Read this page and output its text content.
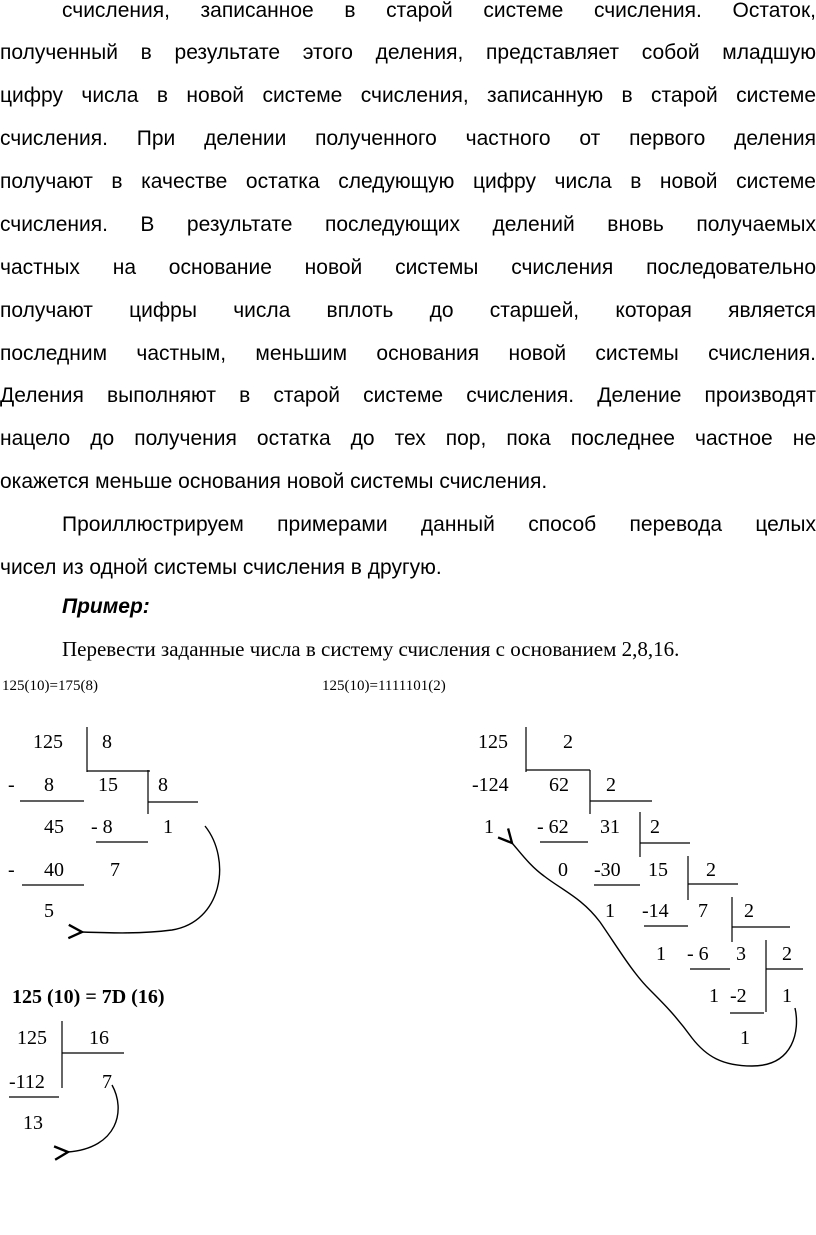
счисления, записанное в старой системе счисления. Остаток,
полученный в результате этого деления, представляет собой младшую
цифру числа в новой системе счисления, записанную в старой системе
счисления. При делении полученного частного от первого деления
получают в качестве остатка следующую цифру числа в новой системе
счисления. В результате последующих делений вновь получаемых
частных на основание новой системы счисления последовательно
получают цифры числа вплоть до старшей, которая является
последним частным, меньшим основания новой системы счисления.
Деления выполняют в старой системе счисления. Деление производят
нацело до получения остатка до тех пор, пока последнее частное не
окажется меньше основания новой системы счисления.
Проиллюстрируем примерами данный способ перевода целых
чисел из одной системы счисления в другую.
Пример:
Перевести заданные числа в систему счисления с основанием 2,8,16.
125(10)=175(8)	125(10)=1111101(2)
125 8
- 8 15 8
45 - 8	1
- 40 7
5
125 (10) = 7D (16)
125 16
-112	7
13
125	2
-124 62 2
1 - 62 31 2
0 -30 15 2
1 -14 7 2
1 - 6 3 2
1 -2 1
1
